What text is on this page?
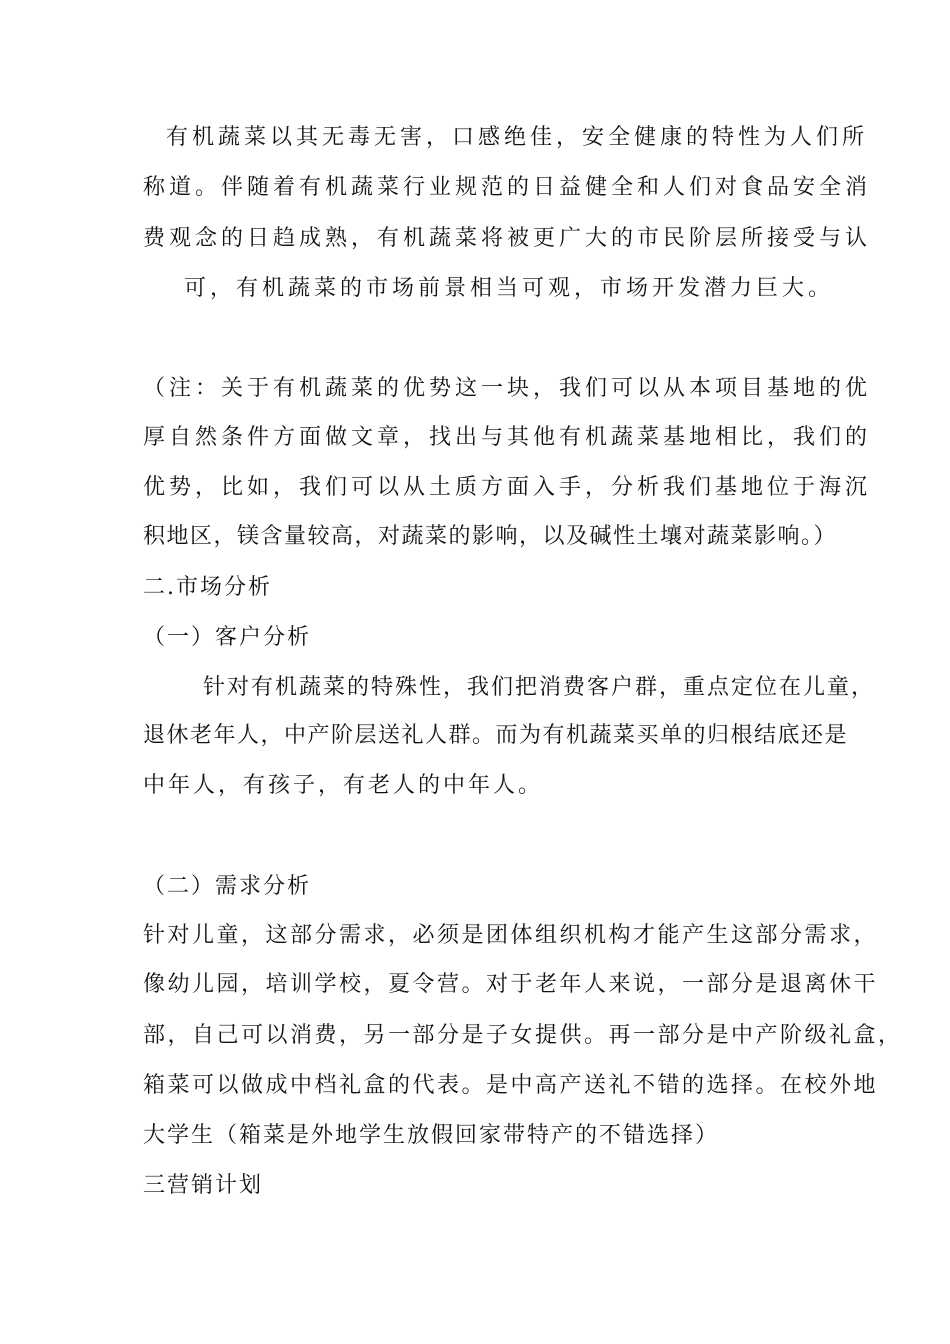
有机蔬菜以其无毒无害，口感绝佳，安全健康的特性为人们所
称道。伴随着有机蔬菜行业规范的日益健全和人们对食品安全消
费观念的日趋成熟，有机蔬菜将被更广大的市民阶层所接受与认
可，有机蔬菜的市场前景相当可观，市场开发潜力巨大。
（注：关于有机蔬菜的优势这一块，我们可以从本项目基地的优
厚自然条件方面做文章，找出与其他有机蔬菜基地相比，我们的
优势，比如，我们可以从土质方面入手，分析我们基地位于海沉
积地区，镁含量较高，对蔬菜的影响，以及碱性土壤对蔬菜影响。）
二.市场分析
（一）客户分析
针对有机蔬菜的特殊性，我们把消费客户群，重点定位在儿童，
退休老年人，中产阶层送礼人群。而为有机蔬菜买单的归根结底还是
中年人，有孩子，有老人的中年人。
（二）需求分析
针对儿童，这部分需求，必须是团体组织机构才能产生这部分需求，
像幼儿园，培训学校，夏令营。对于老年人来说，一部分是退离休干
部，自己可以消费，另一部分是子女提供。再一部分是中产阶级礼盒，
箱菜可以做成中档礼盒的代表。是中高产送礼不错的选择。在校外地
大学生（箱菜是外地学生放假回家带特产的不错选择）
三营销计划
